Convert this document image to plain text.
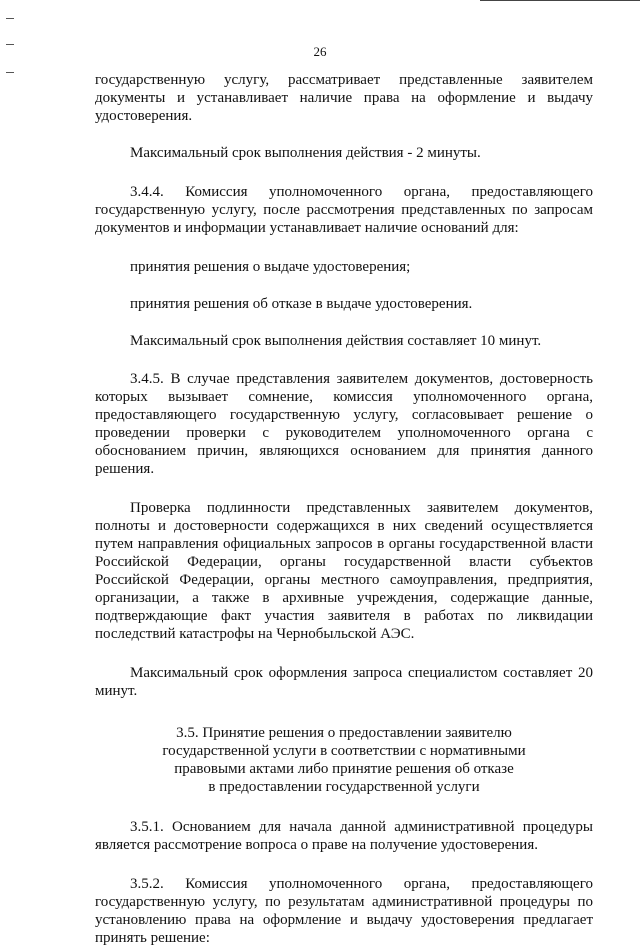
26

государственную услугу, рассматривает представленные заявителем документы и устанавливает наличие права на оформление и выдачу удостоверения.

Максимальный срок выполнения действия - 2 минуты.

3.4.4. Комиссия уполномоченного органа, предоставляющего государственную услугу, после рассмотрения представленных по запросам документов и информации устанавливает наличие оснований для:

принятия решения о выдаче удостоверения;

принятия решения об отказе в выдаче удостоверения.

Максимальный срок выполнения действия составляет 10 минут.

3.4.5. В случае представления заявителем документов, достоверность которых вызывает сомнение, комиссия уполномоченного органа, предоставляющего государственную услугу, согласовывает решение о проведении проверки с руководителем уполномоченного органа с обоснованием причин, являющихся основанием для принятия данного решения.

Проверка подлинности представленных заявителем документов, полноты и достоверности содержащихся в них сведений осуществляется путем направления официальных запросов в органы государственной власти Российской Федерации, органы государственной власти субъектов Российской Федерации, органы местного самоуправления, предприятия, организации, а также в архивные учреждения, содержащие данные, подтверждающие факт участия заявителя в работах по ликвидации последствий катастрофы на Чернобыльской АЭС.

Максимальный срок оформления запроса специалистом составляет 20 минут.

3.5. Принятие решения о предоставлении заявителю
государственной услуги в соответствии с нормативными
правовыми актами либо принятие решения об отказе
в предоставлении государственной услуги

3.5.1. Основанием для начала данной административной процедуры является рассмотрение вопроса о праве на получение удостоверения.

3.5.2. Комиссия уполномоченного органа, предоставляющего государственную услугу, по результатам административной процедуры по установлению права на оформление и выдачу удостоверения предлагает принять решение:
